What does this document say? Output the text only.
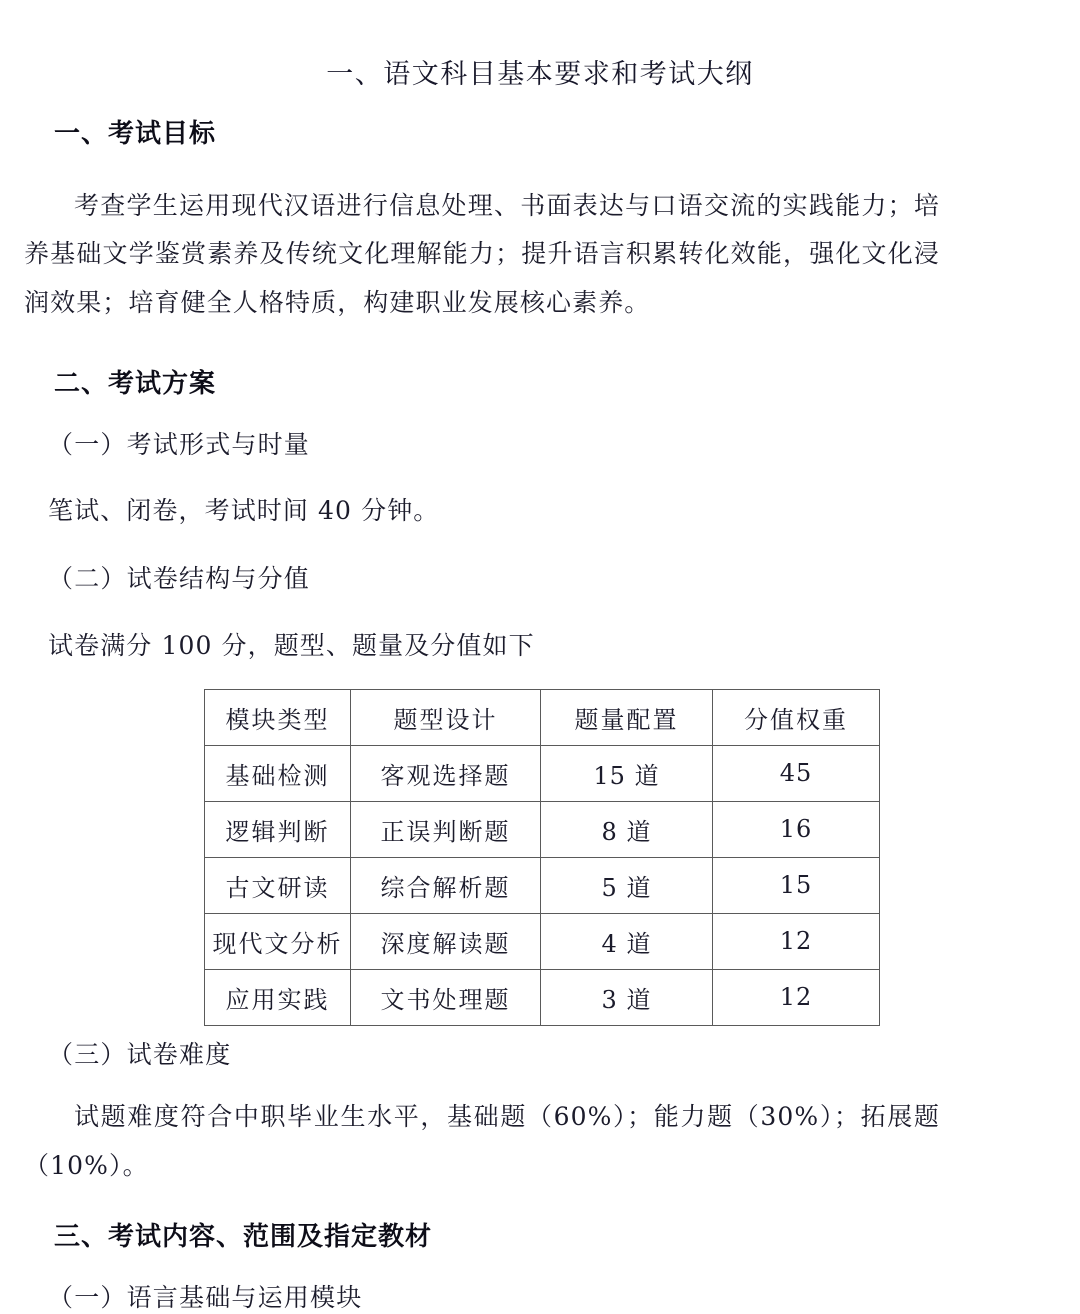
一、语文科目基本要求和考试大纲
一、考试目标

考查学生运用现代汉语进行信息处理、书面表达与口语交流的实践能力；培养基础文学鉴赏素养及传统文化理解能力；提升语言积累转化效能，强化文化浸润效果；培育健全人格特质，构建职业发展核心素养。

二、考试方案

（一）考试形式与时量

笔试、闭卷，考试时间 40 分钟。

（二）试卷结构与分值

试卷满分 100 分，题型、题量及分值如下

模块类型	题型设计	题量配置	分值权重
基础检测	客观选择题	15 道	45
逻辑判断	正误判断题	8 道	16
古文研读	综合解析题	5 道	15
现代文分析	深度解读题	4 道	12
应用实践	文书处理题	3 道	12

（三）试卷难度

试题难度符合中职毕业生水平，基础题（60%）；能力题（30%）；拓展题（10%）。

三、考试内容、范围及指定教材

（一）语言基础与运用模块
